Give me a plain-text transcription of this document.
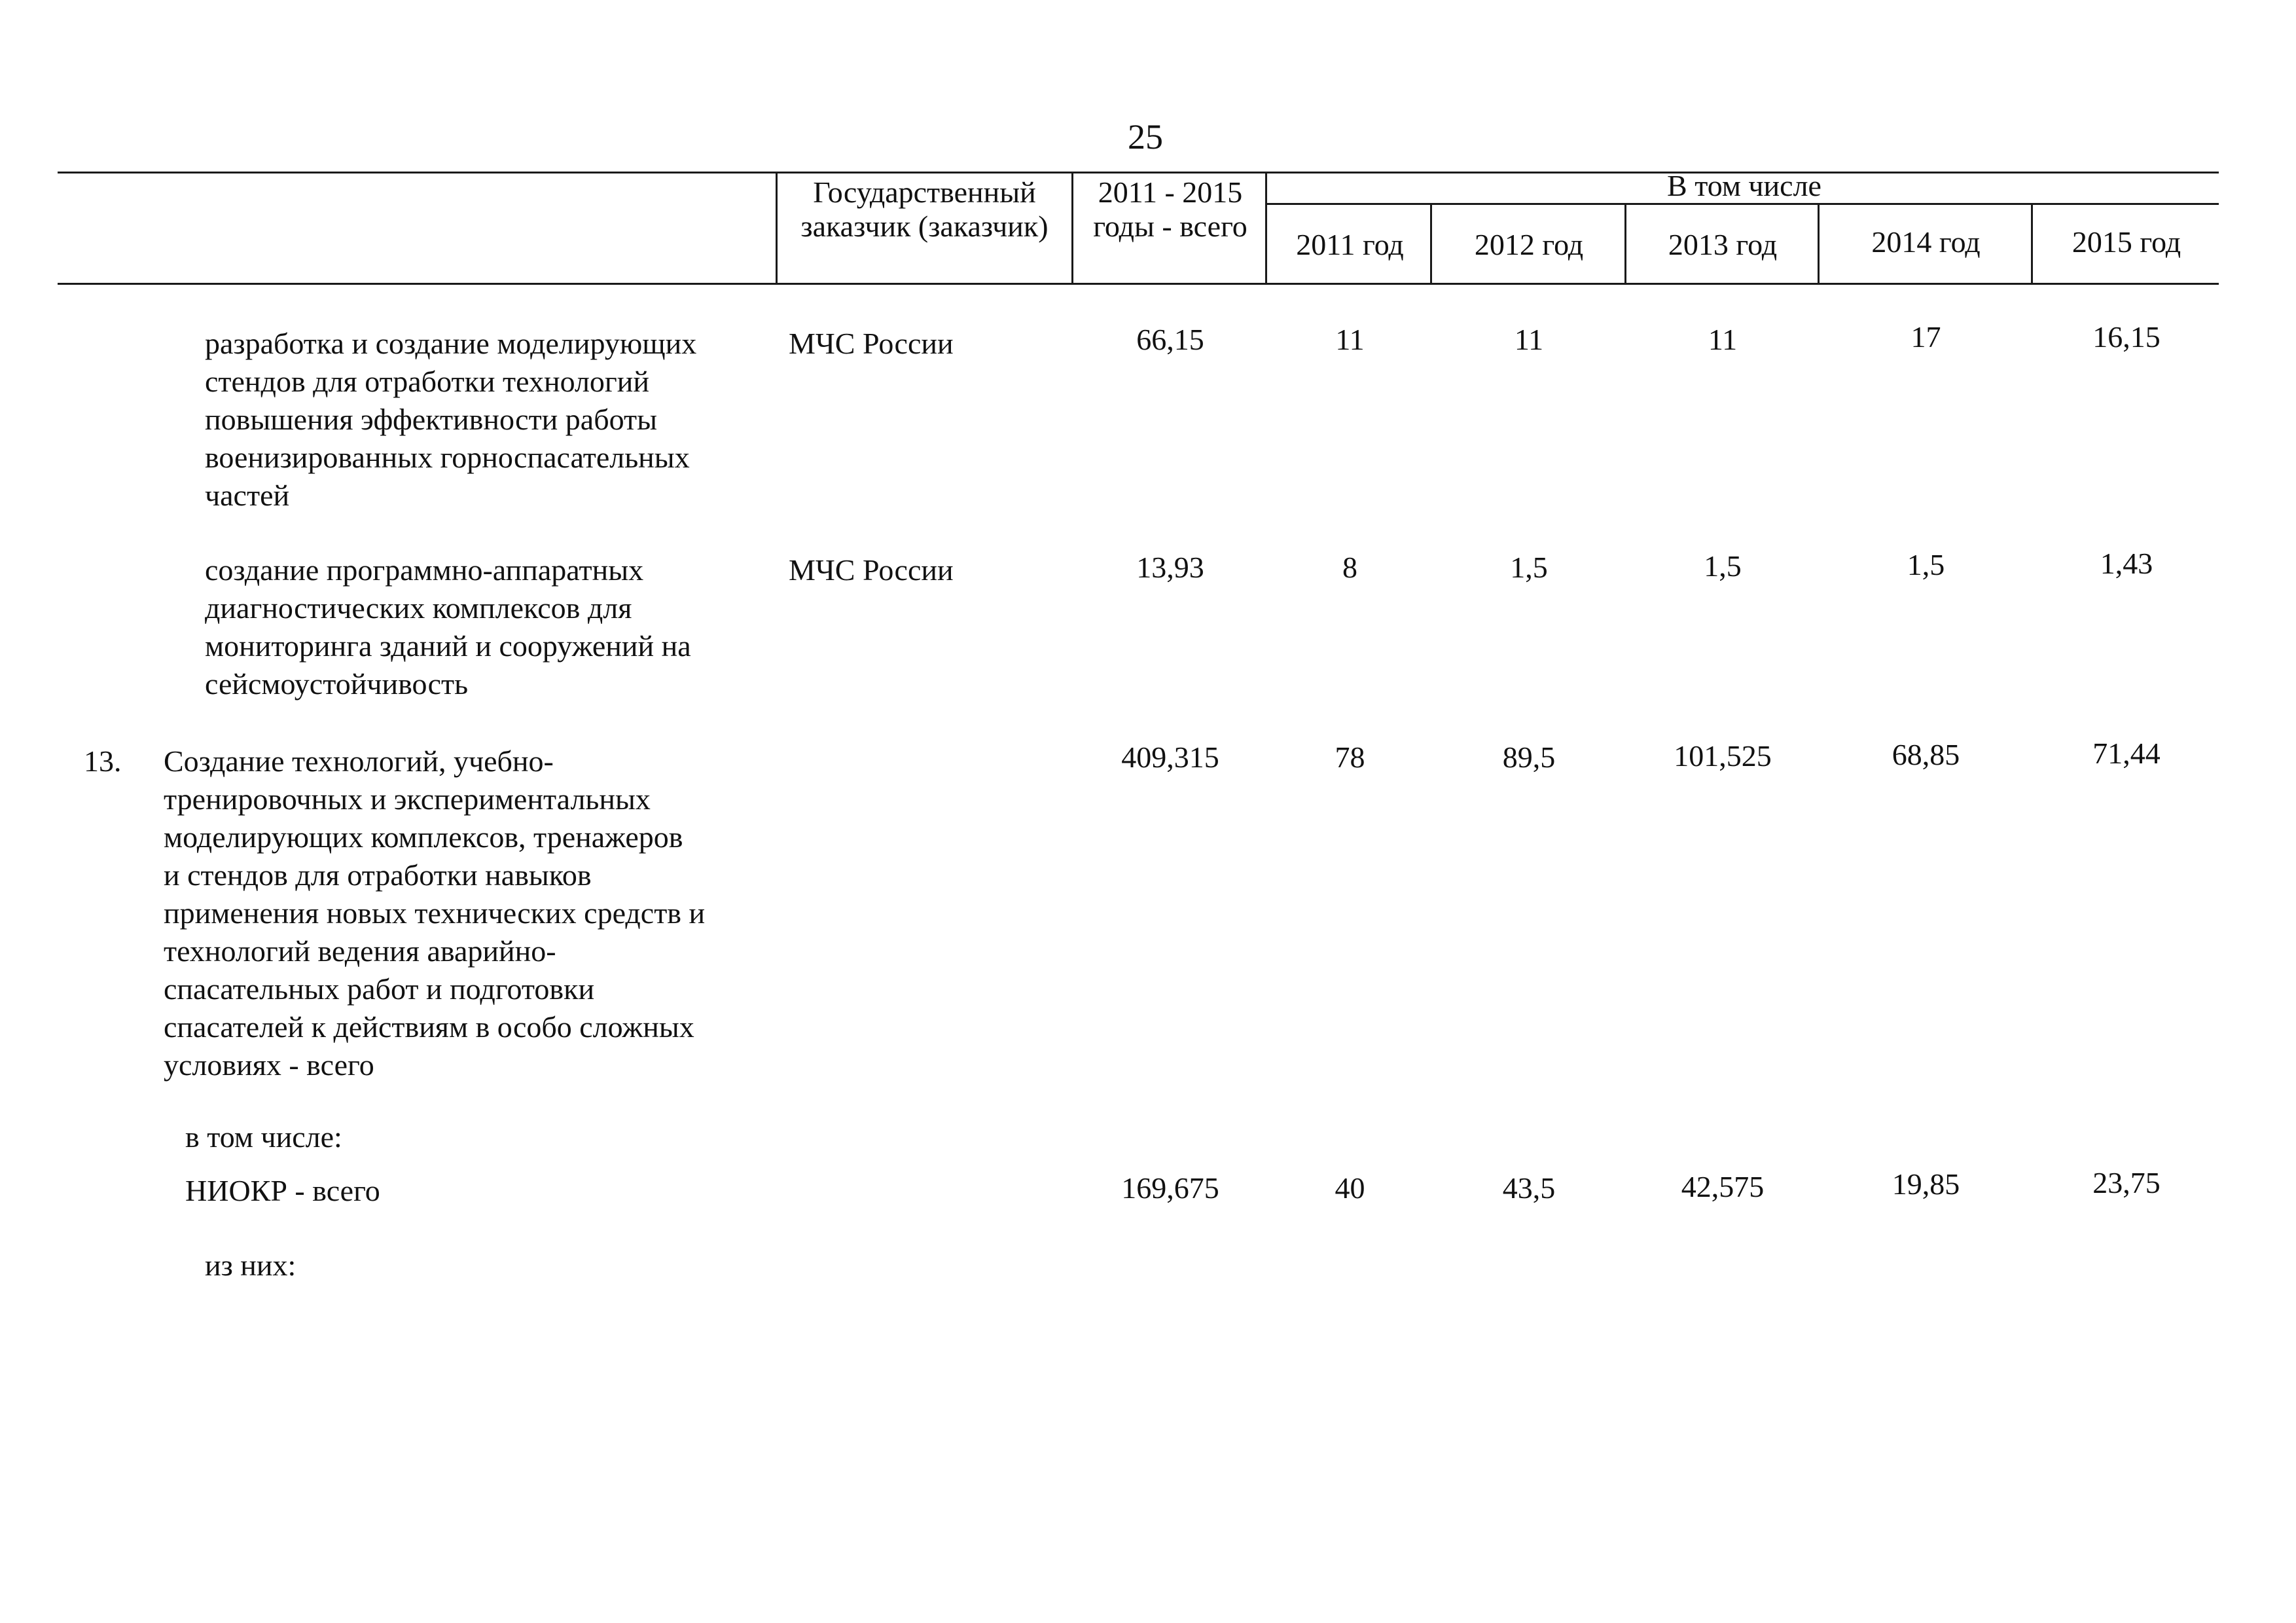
25
Государственный заказчик (заказчик)
2011 - 2015 годы - всего
В том числе
2011 год	2012 год	2013 год	2014 год	2015 год
разработка и создание моделирующих
стендов для отработки технологий
повышения эффективности работы
военизированных горноспасательных
частей
МЧС России	66,15	11	11	11	17	16,15
создание программно-аппаратных
диагностических комплексов для
мониторинга зданий и сооружений на
сейсмоустойчивость
МЧС России	13,93	8	1,5	1,5	1,5	1,43
13.	Создание технологий, учебно-
тренировочных и экспериментальных
моделирующих комплексов, тренажеров
и стендов для отработки навыков
применения новых технических средств и
технологий ведения аварийно-
спасательных работ и подготовки
спасателей к действиям в особо сложных
условиях - всего
409,315	78	89,5	101,525	68,85	71,44
в том числе:
НИОКР - всего	169,675	40	43,5	42,575	19,85	23,75
из них:
